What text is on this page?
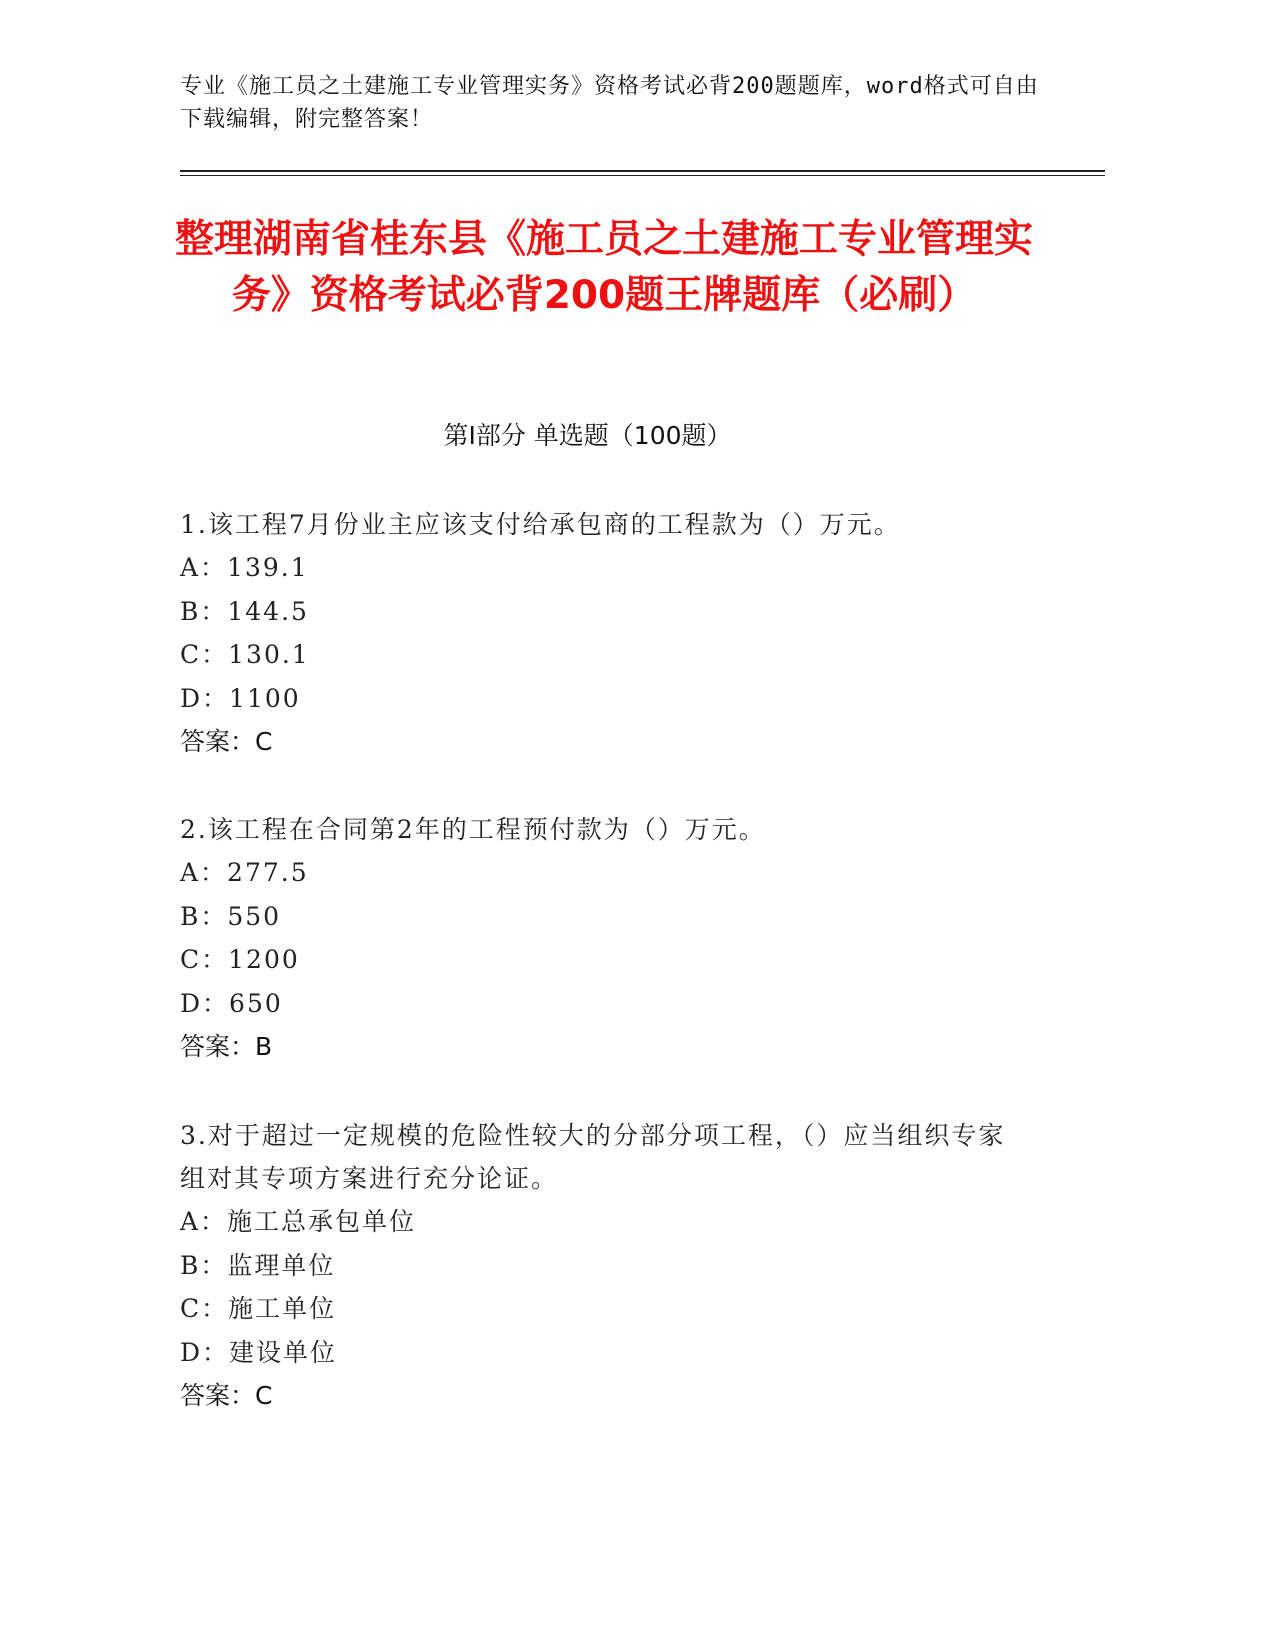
专业《施工员之土建施工专业管理实务》资格考试必背200题题库，word格式可自由下载编辑，附完整答案！
整理湖南省桂东县《施工员之土建施工专业管理实务》资格考试必背200题王牌题库（必刷）
第Ⅰ部分 单选题（100题）
1.该工程7月份业主应该支付给承包商的工程款为（）万元。
A：139.1
B：144.5
C：130.1
D：1100
答案：C
2.该工程在合同第2年的工程预付款为（）万元。
A：277.5
B：550
C：1200
D：650
答案：B
3.对于超过一定规模的危险性较大的分部分项工程，（）应当组织专家组对其专项方案进行充分论证。
A：施工总承包单位
B：监理单位
C：施工单位
D：建设单位
答案：C
